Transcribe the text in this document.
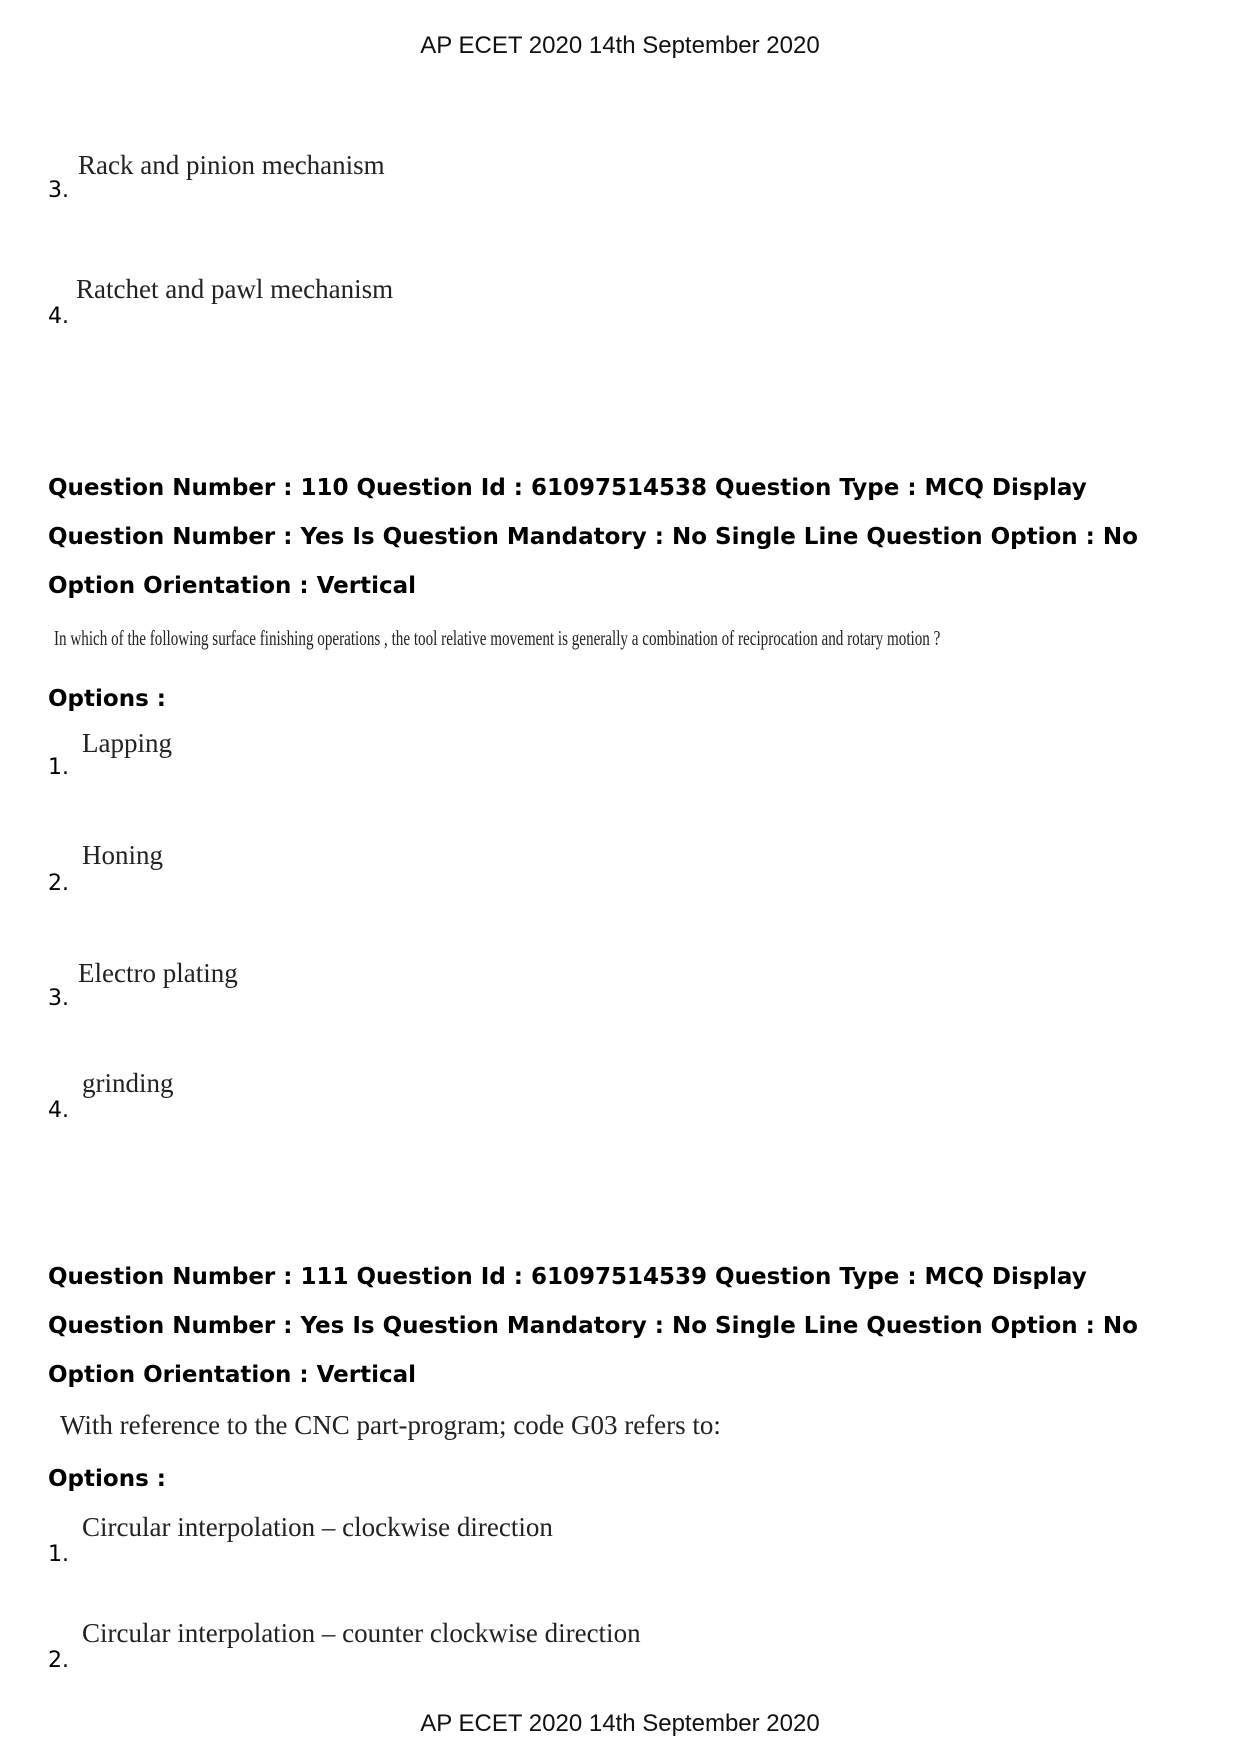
AP ECET 2020 14th September 2020
3.
Rack and pinion mechanism
4.
Ratchet and pawl mechanism
Question Number : 110 Question Id : 61097514538 Question Type : MCQ Display Question Number : Yes Is Question Mandatory : No Single Line Question Option : No Option Orientation : Vertical
In which of the following surface finishing operations , the tool relative movement is generally a combination of reciprocation and rotary motion ?
Options :
1.
Lapping
2.
Honing
3.
Electro plating
4.
grinding
Question Number : 111 Question Id : 61097514539 Question Type : MCQ Display Question Number : Yes Is Question Mandatory : No Single Line Question Option : No Option Orientation : Vertical
With reference to the CNC part-program; code G03 refers to:
Options :
1.
Circular interpolation – clockwise direction
2.
Circular interpolation – counter clockwise direction
AP ECET 2020 14th September 2020
